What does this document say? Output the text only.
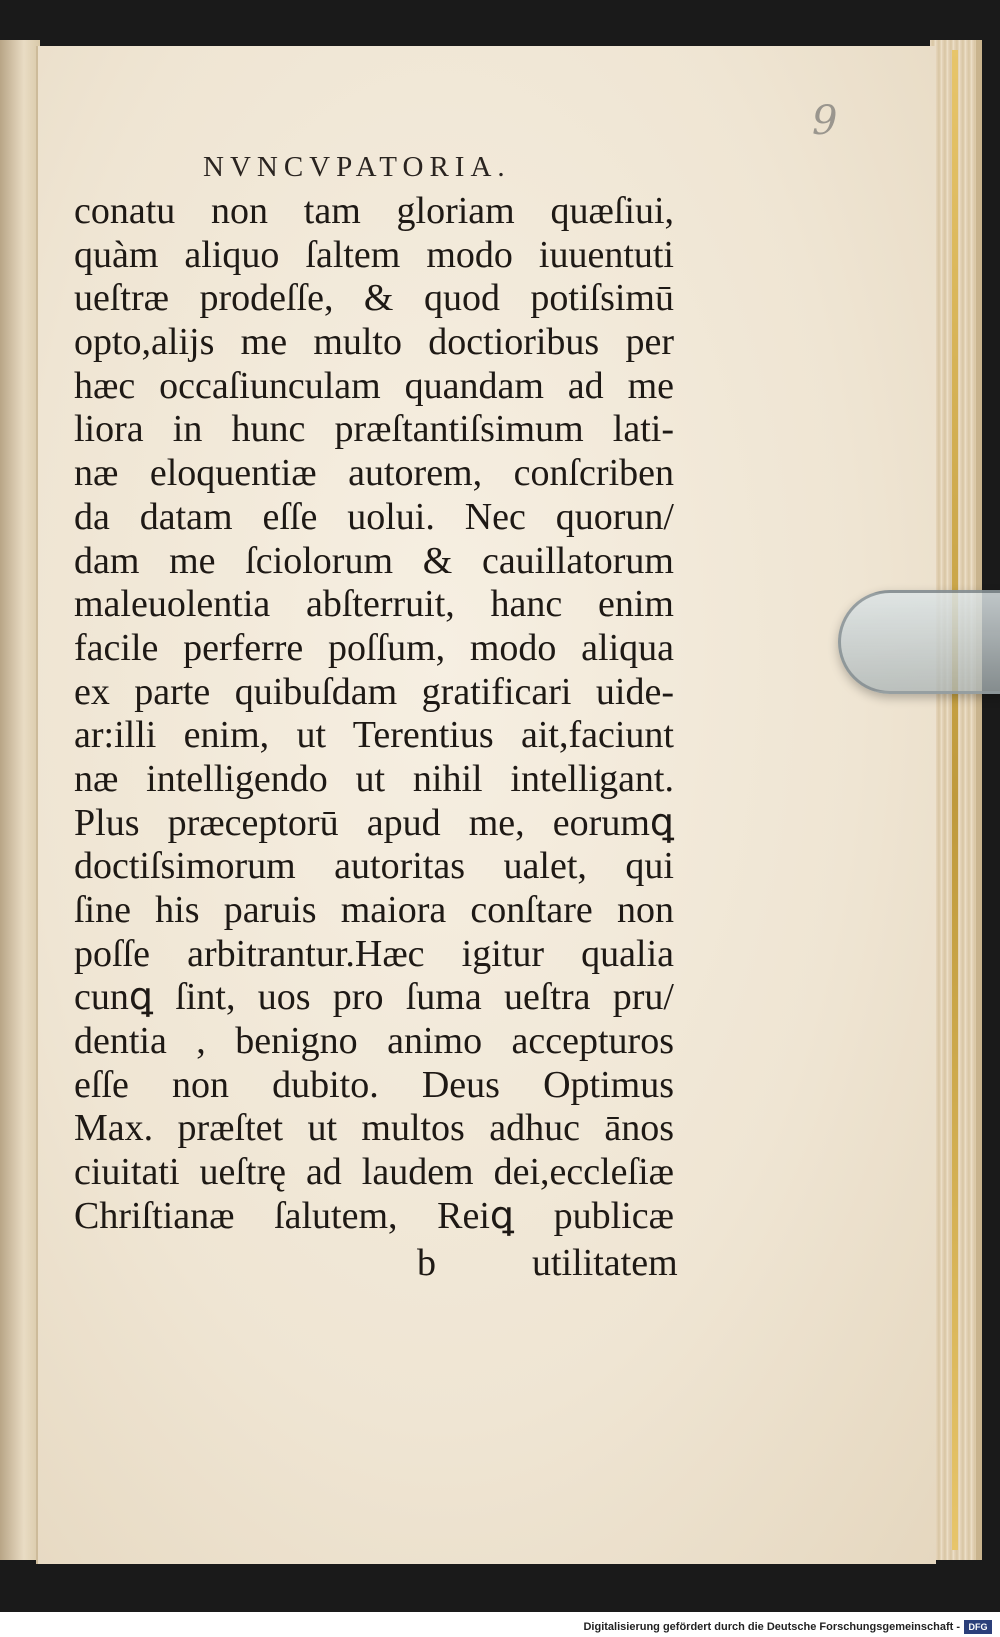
9
NVNCVPATORIA.
conatu non tam gloriam quæſiui,
quàm aliquo ſaltem modo iuuentuti
ueſtræ prodeſſe, & quod potiſsimū
opto,alijs me multo doctioribus per
hæc occaſiunculam quandam ad me
liora in hunc præſtantiſsimum lati-
næ eloquentiæ autorem, conſcriben
da datam eſſe uolui. Nec quorun/
dam me ſciolorum & cauillatorum
maleuolentia abſterruit, hanc enim
facile perferre poſſum, modo aliqua
ex parte quibuſdam gratificari uide-
ar:illi enim, ut Terentius ait,faciunt
næ intelligendo ut nihil intelligant.
Plus præceptorū apud me, eorumꝗ
doctiſsimorum autoritas ualet, qui
ſine his paruis maiora conſtare non
poſſe arbitrantur.Hæc igitur qualia
cunꝗ ſint, uos pro ſuma ueſtra pru/
dentia , benigno animo accepturos
eſſe non dubito. Deus Optimus
Max. præſtet ut multos adhuc ānos
ciuitati ueſtrę ad laudem dei,eccleſiæ
Chriſtianæ ſalutem, Reiꝗ publicæ
b	utilitatem
Digitalisierung gefördert durch die Deutsche Forschungsgemeinschaft - DFG
